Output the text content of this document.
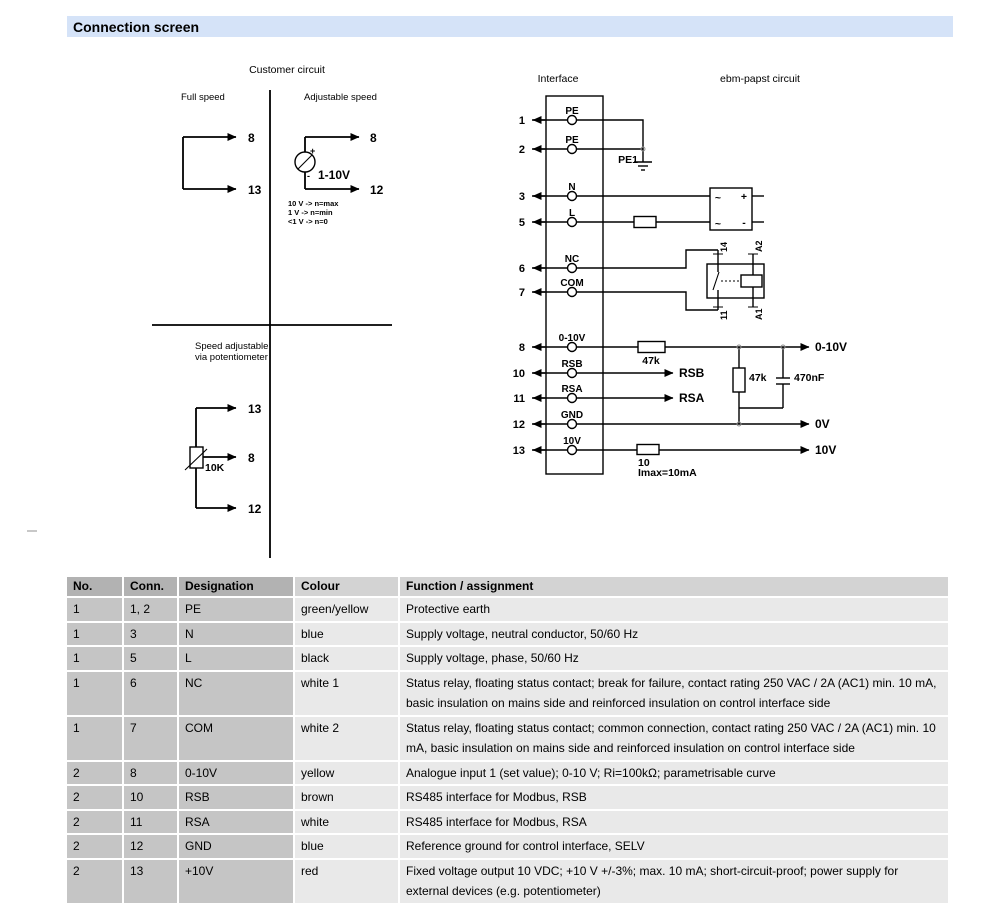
Connection screen
Customer circuit
Full speed	Adjustable speed
8
13
+
- 1-10V
8
12
10 V -> n=max
1 V -> n=min
<1 V -> n=0
Speed adjustable
via potentiometer
13
8
12
10K
Interface	ebm-papst circuit
PE1
~ +
~ -
14	A2
11	A1
47k	470nF
47k
10
Imax=10mA
0-10V
RSB
RSA
0V
10V
1
2
3
5
6
7
8
10
11
12
13
PE
PE
N
L
NC
COM
0-10V
RSB
RSA
GND
10V
No.	Conn.	Designation	Colour	Function / assignment
1	1, 2	PE	green/yellow	Protective earth
1	3	N	blue	Supply voltage, neutral conductor, 50/60 Hz
1	5	L	black	Supply voltage, phase, 50/60 Hz
1	6	NC	white 1	Status relay, floating status contact; break for failure, contact rating 250 VAC / 2A (AC1) min. 10 mA, basic insulation on mains side and reinforced insulation on control interface side
1	7	COM	white 2	Status relay, floating status contact; common connection, contact rating 250 VAC / 2A (AC1) min. 10 mA, basic insulation on mains side and reinforced insulation on control interface side
2	8	0-10V	yellow	Analogue input 1 (set value); 0-10 V; Ri=100kΩ; parametrisable curve
2	10	RSB	brown	RS485 interface for Modbus, RSB
2	11	RSA	white	RS485 interface for Modbus, RSA
2	12	GND	blue	Reference ground for control interface, SELV
2	13	+10V	red	Fixed voltage output 10 VDC; +10 V +/-3%; max. 10 mA; short-circuit-proof; power supply for external devices (e.g. potentiometer)
